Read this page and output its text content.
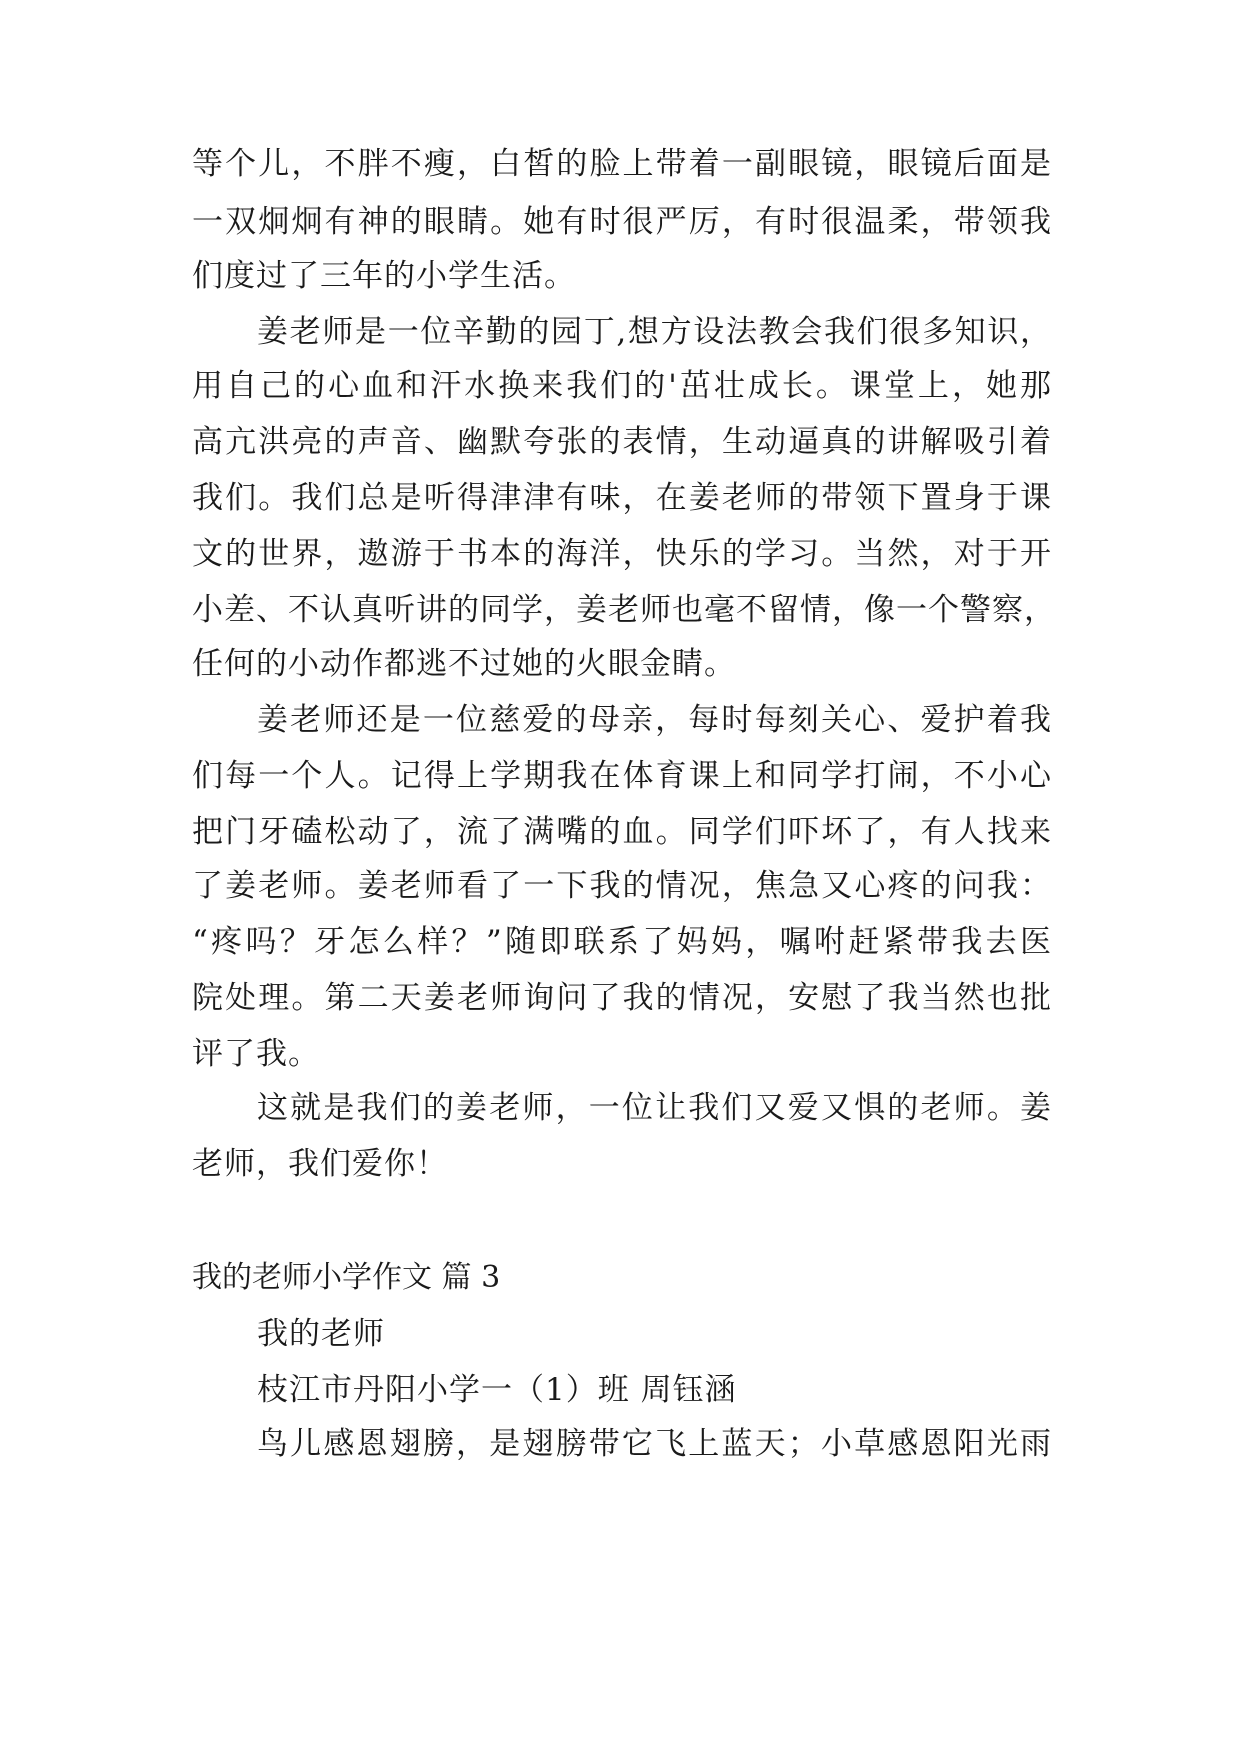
等个儿，不胖不瘦，白皙的脸上带着一副眼镜，眼镜后面是
一双炯炯有神的眼睛。她有时很严厉，有时很温柔，带领我
们度过了三年的小学生活。
姜老师是一位辛勤的园丁,想方设法教会我们很多知识，
用自己的心血和汗水换来我们的'茁壮成长。课堂上，她那
高亢洪亮的声音、幽默夸张的表情，生动逼真的讲解吸引着
我们。我们总是听得津津有味，在姜老师的带领下置身于课
文的世界，遨游于书本的海洋，快乐的学习。当然，对于开
小差、不认真听讲的同学，姜老师也毫不留情，像一个警察，
任何的小动作都逃不过她的火眼金睛。
姜老师还是一位慈爱的母亲，每时每刻关心、爱护着我
们每一个人。记得上学期我在体育课上和同学打闹，不小心
把门牙磕松动了，流了满嘴的血。同学们吓坏了，有人找来
了姜老师。姜老师看了一下我的情况，焦急又心疼的问我：
“疼吗？牙怎么样？”随即联系了妈妈，嘱咐赶紧带我去医
院处理。第二天姜老师询问了我的情况，安慰了我当然也批
评了我。
这就是我们的姜老师，一位让我们又爱又惧的老师。姜
老师，我们爱你！
我的老师小学作文 篇 3
我的老师
枝江市丹阳小学一（1）班 周钰涵
鸟儿感恩翅膀，是翅膀带它飞上蓝天；小草感恩阳光雨
